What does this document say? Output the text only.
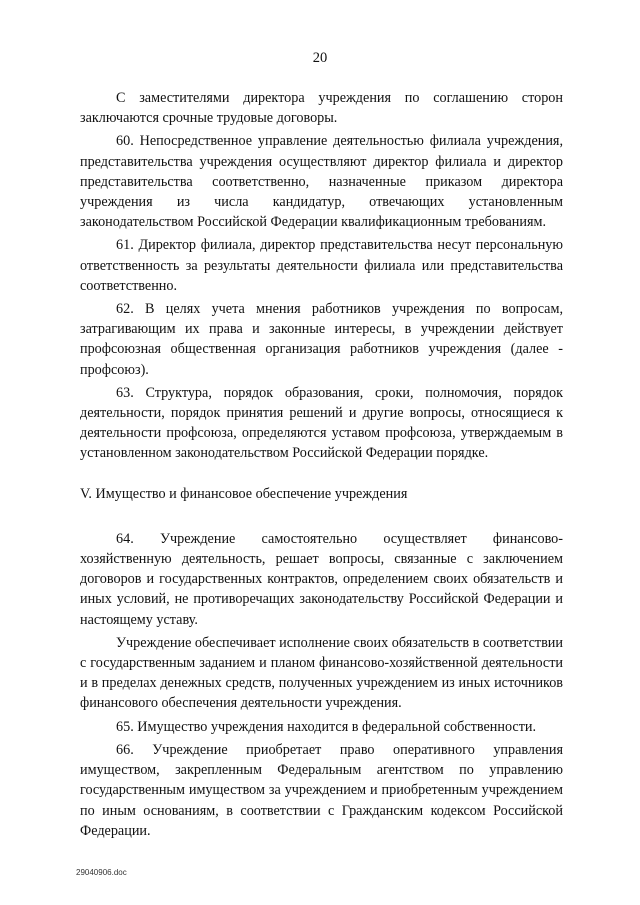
20

С заместителями директора учреждения по соглашению сторон заключаются срочные трудовые договоры.

60. Непосредственное управление деятельностью филиала учреждения, представительства учреждения осуществляют директор филиала и директор представительства соответственно, назначенные приказом директора учреждения из числа кандидатур, отвечающих установленным законодательством Российской Федерации квалификационным требованиям.

61. Директор филиала, директор представительства несут персональную ответственность за результаты деятельности филиала или представительства соответственно.

62. В целях учета мнения работников учреждения по вопросам, затрагивающим их права и законные интересы, в учреждении действует профсоюзная общественная организация работников учреждения (далее - профсоюз).

63. Структура, порядок образования, сроки, полномочия, порядок деятельности, порядок принятия решений и другие вопросы, относящиеся к деятельности профсоюза, определяются уставом профсоюза, утверждаемым в установленном законодательством Российской Федерации порядке.

V. Имущество и финансовое обеспечение учреждения

64. Учреждение самостоятельно осуществляет финансово-хозяйственную деятельность, решает вопросы, связанные с заключением договоров и государственных контрактов, определением своих обязательств и иных условий, не противоречащих законодательству Российской Федерации и настоящему уставу.

Учреждение обеспечивает исполнение своих обязательств в соответствии с государственным заданием и планом финансово-хозяйственной деятельности и в пределах денежных средств, полученных учреждением из иных источников финансового обеспечения деятельности учреждения.

65. Имущество учреждения находится в федеральной собственности.

66. Учреждение приобретает право оперативного управления имуществом, закрепленным Федеральным агентством по управлению государственным имуществом за учреждением и приобретенным учреждением по иным основаниям, в соответствии с Гражданским кодексом Российской Федерации.

29040906.doc
